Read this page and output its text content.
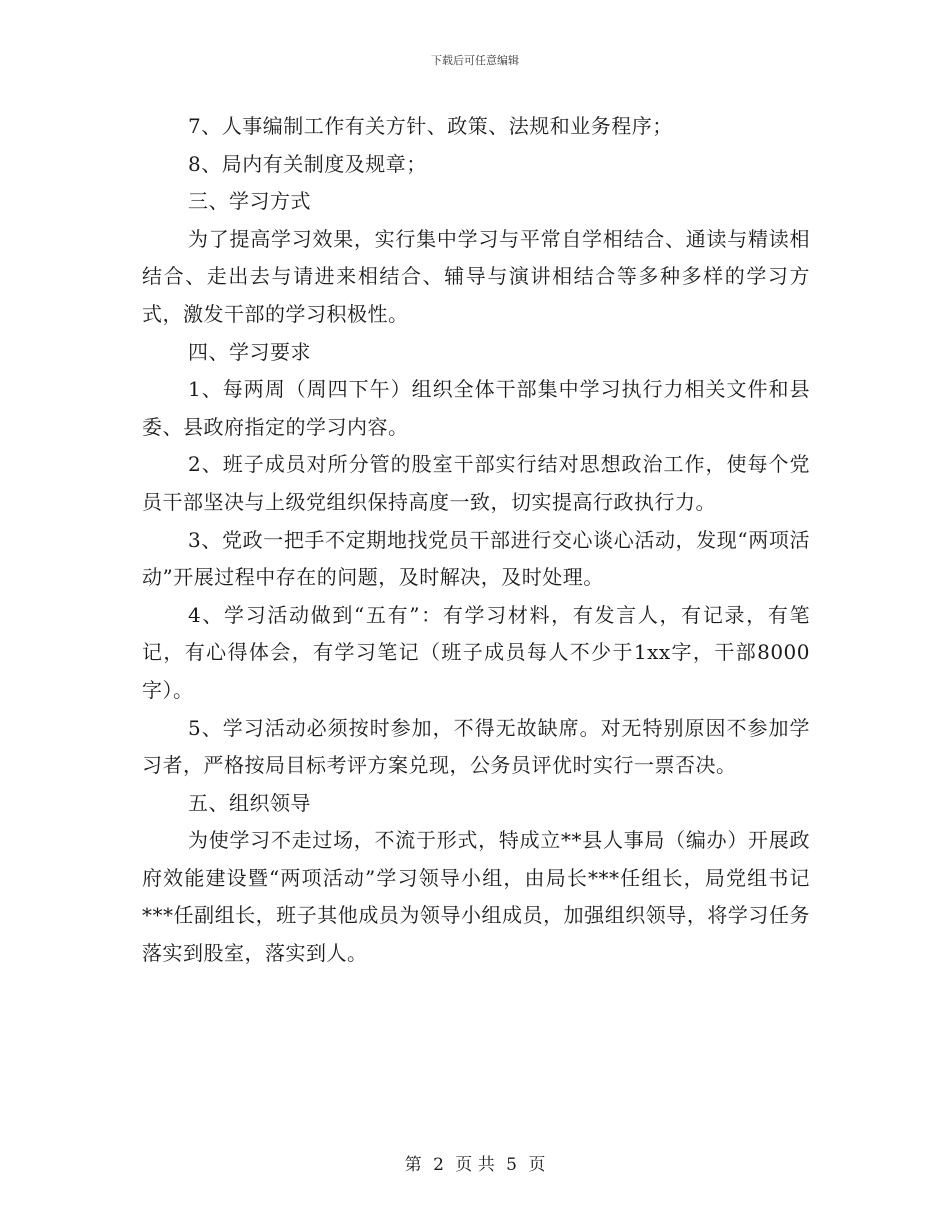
下载后可任意编辑

7、人事编制工作有关方针、政策、法规和业务程序；

8、局内有关制度及规章；

三、学习方式

为了提高学习效果，实行集中学习与平常自学相结合、通读与精读相结合、走出去与请进来相结合、辅导与演讲相结合等多种多样的学习方式，激发干部的学习积极性。

四、学习要求

1、每两周（周四下午）组织全体干部集中学习执行力相关文件和县委、县政府指定的学习内容。

2、班子成员对所分管的股室干部实行结对思想政治工作，使每个党员干部坚决与上级党组织保持高度一致，切实提高行政执行力。

3、党政一把手不定期地找党员干部进行交心谈心活动，发现“两项活动”开展过程中存在的问题，及时解决，及时处理。

4、学习活动做到“五有”：有学习材料，有发言人，有记录，有笔记，有心得体会，有学习笔记（班子成员每人不少于1xx字，干部8000字）。

5、学习活动必须按时参加，不得无故缺席。对无特别原因不参加学习者，严格按局目标考评方案兑现，公务员评优时实行一票否决。

五、组织领导

为使学习不走过场，不流于形式，特成立**县人事局（编办）开展政府效能建设暨“两项活动”学习领导小组，由局长***任组长，局党组书记***任副组长，班子其他成员为领导小组成员，加强组织领导，将学习任务落实到股室，落实到人。

第 2 页 共 5 页
